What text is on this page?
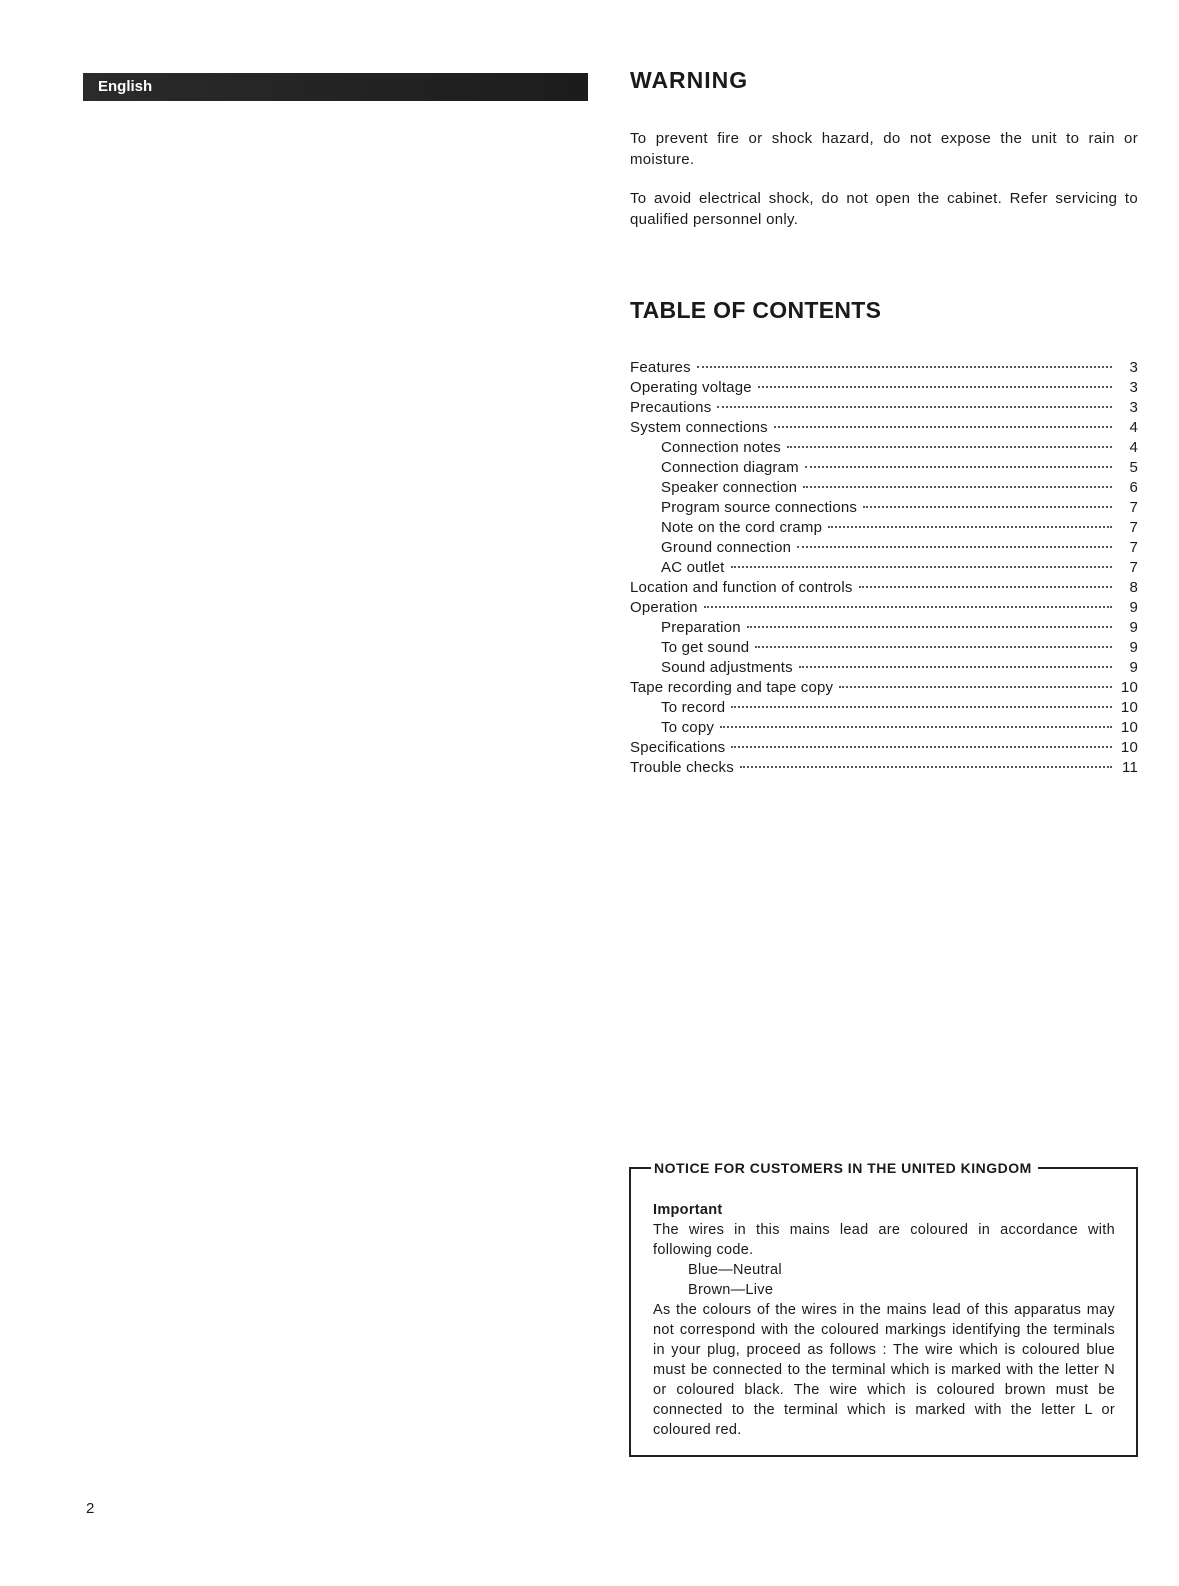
English	WARNING

To prevent fire or shock hazard, do not expose the unit to rain or moisture.

To avoid electrical shock, do not open the cabinet. Refer servicing to qualified personnel only.

TABLE OF CONTENTS
Features	3
Operating voltage	3
Precautions	3
System connections	4
Connection notes	4
Connection diagram	5
Speaker connection	6
Program source connections	7
Note on the cord cramp	7
Ground connection	7
AC outlet	7
Location and function of controls	8
Operation	9
Preparation	9
To get sound	9
Sound adjustments	9
Tape recording and tape copy	10
To record	10
To copy	10
Specifications	10
Trouble checks	11
NOTICE FOR CUSTOMERS IN THE UNITED KINGDOM

Important

The wires in this mains lead are coloured in accordance with following code.

Blue—Neutral

Brown—Live

As the colours of the wires in the mains lead of this apparatus may not correspond with the coloured markings identifying the terminals in your plug, proceed as follows : The wire which is coloured blue must be connected to the terminal which is marked with the letter N or coloured black. The wire which is coloured brown must be connected to the terminal which is marked with the letter L or coloured red.

2
